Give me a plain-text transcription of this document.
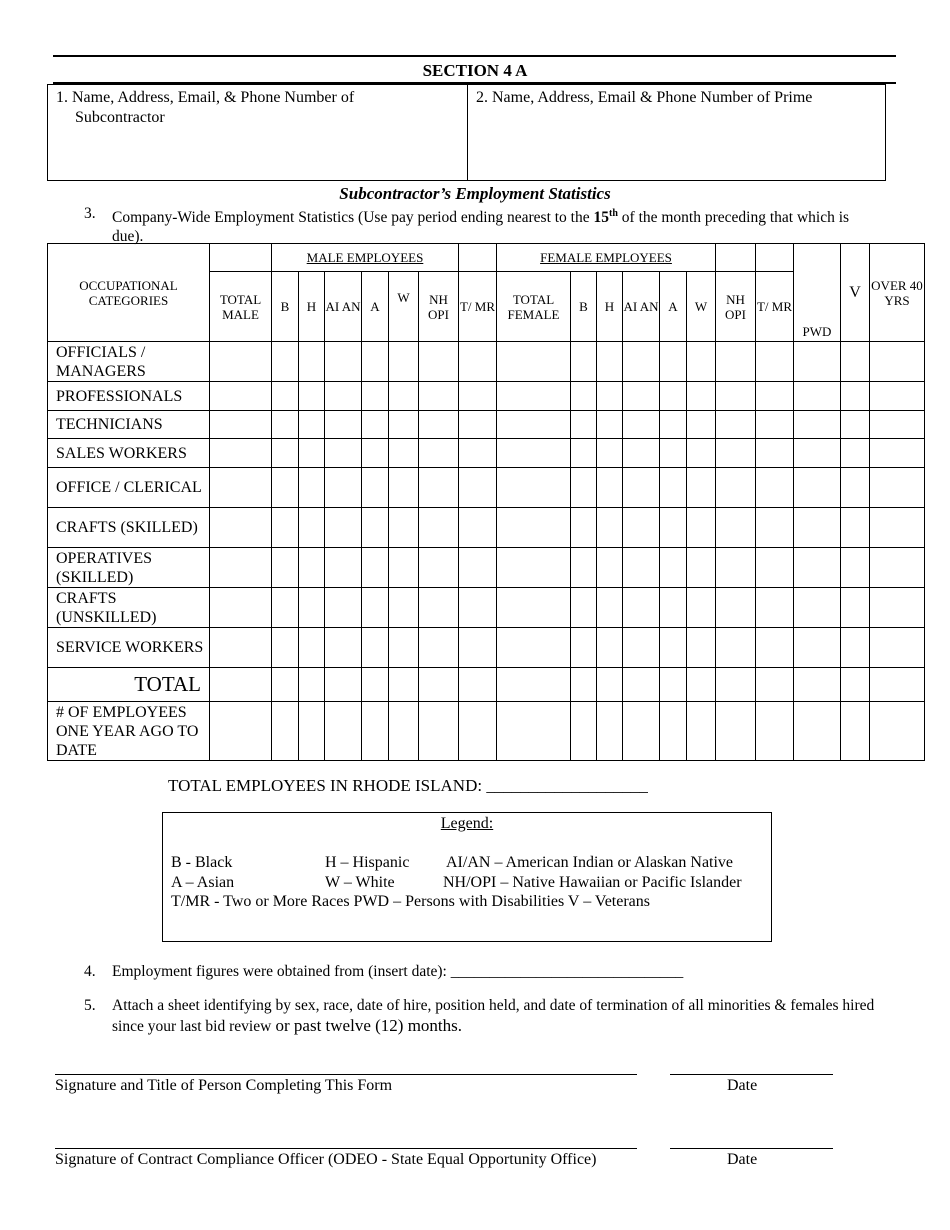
SECTION 4 A
1. Name, Address, Email, & Phone Number of
Subcontractor
2. Name, Address, Email & Phone Number of Prime
Subcontractor’s Employment Statistics
3. Company-Wide Employment Statistics (Use pay period ending nearest to the 15th of the month preceding that which is due).
OCCUPATIONAL CATEGORIES		MALE EMPLOYEES							FEMALE EMPLOYEES								PWD	V	OVER 40 YRS
	TOTAL MALE	B	H	AI AN	A	W	NH OPI	T/ MR	TOTAL FEMALE	B	H	AI AN	A	W	NH OPI	T/ MR			
OFFICIALS / MANAGERS																			
PROFESSIONALS																			
TECHNICIANS																			
SALES WORKERS																			
OFFICE / CLERICAL																			
CRAFTS (SKILLED)																			
OPERATIVES (SKILLED)																			
CRAFTS (UNSKILLED)																			
SERVICE WORKERS																			
TOTAL																			
# OF EMPLOYEES ONE YEAR AGO TO DATE																			
TOTAL EMPLOYEES IN RHODE ISLAND: ___________________
Legend:
B - Black	H – Hispanic AI/AN – American Indian or Alaskan Native
A – Asian	W – White	NH/OPI – Native Hawaiian or Pacific Islander
T/MR - Two or More Races PWD – Persons with Disabilities V – Veterans
4. Employment figures were obtained from (insert date): ______________________________
5. Attach a sheet identifying by sex, race, date of hire, position held, and date of termination of all minorities & females hired since your last bid review or past twelve (12) months.
Signature and Title of Person Completing This Form	Date
Signature of Contract Compliance Officer (ODEO - State Equal Opportunity Office)	Date
